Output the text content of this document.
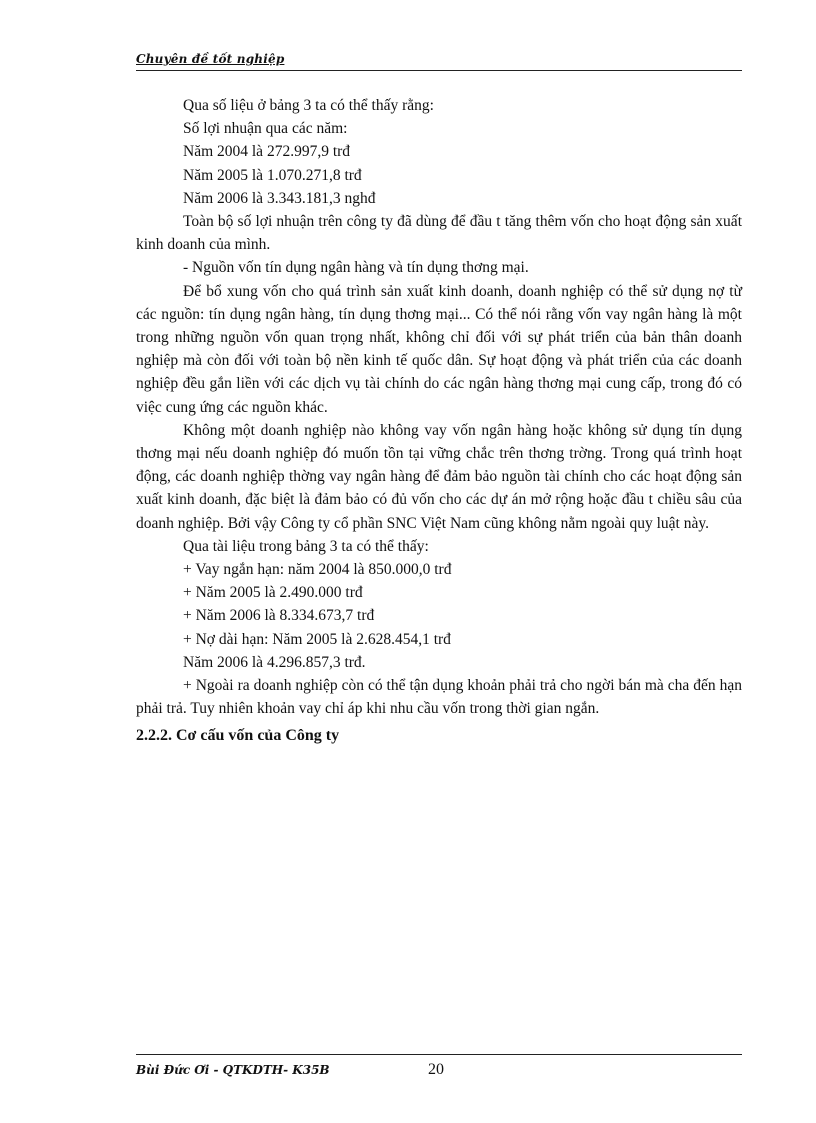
Chuyên đề tốt nghiệp

Qua số liệu ở bảng 3 ta có thể thấy rằng:

Số lợi nhuận qua các năm:

Năm 2004 là 272.997,9 trđ

Năm 2005 là 1.070.271,8 trđ

Năm 2006 là 3.343.181,3 nghđ

Toàn bộ số lợi nhuận trên công ty đã dùng để đầu t tăng thêm vốn cho hoạt động sản xuất kinh doanh của mình.

- Nguồn vốn tín dụng ngân hàng và tín dụng thơng mại.

Để bổ xung vốn cho quá trình sản xuất kinh doanh, doanh nghiệp có thể sử dụng nợ từ các nguồn: tín dụng ngân hàng, tín dụng thơng mại... Có thể nói rằng vốn vay ngân hàng là một trong những nguồn vốn quan trọng nhất, không chỉ đối với sự phát triển của bản thân doanh nghiệp mà còn đối với toàn bộ nền kinh tế quốc dân. Sự hoạt động và phát triển của các doanh nghiệp đều gắn liền với các dịch vụ tài chính do các ngân hàng thơng mại cung cấp, trong đó có việc cung ứng các nguồn khác.

Không một doanh nghiệp nào không vay vốn ngân hàng hoặc không sử dụng tín dụng thơng mại nếu doanh nghiệp đó muốn tồn tại vững chắc trên thơng trờng. Trong quá trình hoạt động, các doanh nghiệp thờng vay ngân hàng để đảm bảo nguồn tài chính cho các hoạt động sản xuất kinh doanh, đặc biệt là đảm bảo có đủ vốn cho các dự án mở rộng hoặc đầu t chiều sâu của doanh nghiệp. Bởi vậy Công ty cổ phần SNC Việt Nam cũng không nằm ngoài quy luật này.

Qua tài liệu trong bảng 3 ta có thể thấy:

+ Vay ngắn hạn: năm 2004 là 850.000,0 trđ

+ Năm 2005 là 2.490.000 trđ

+ Năm 2006 là 8.334.673,7 trđ

+ Nợ dài hạn: Năm 2005 là 2.628.454,1 trđ

Năm 2006 là 4.296.857,3 trđ.

+ Ngoài ra doanh nghiệp còn có thể tận dụng khoản phải trả cho ngời bán mà cha đến hạn phải trả. Tuy nhiên khoản vay chỉ áp khi nhu cầu vốn trong thời gian ngắn.

2.2.2. Cơ cấu vốn của Công ty

Bùi Đức Ơi - QTKDTH- K35B	20
